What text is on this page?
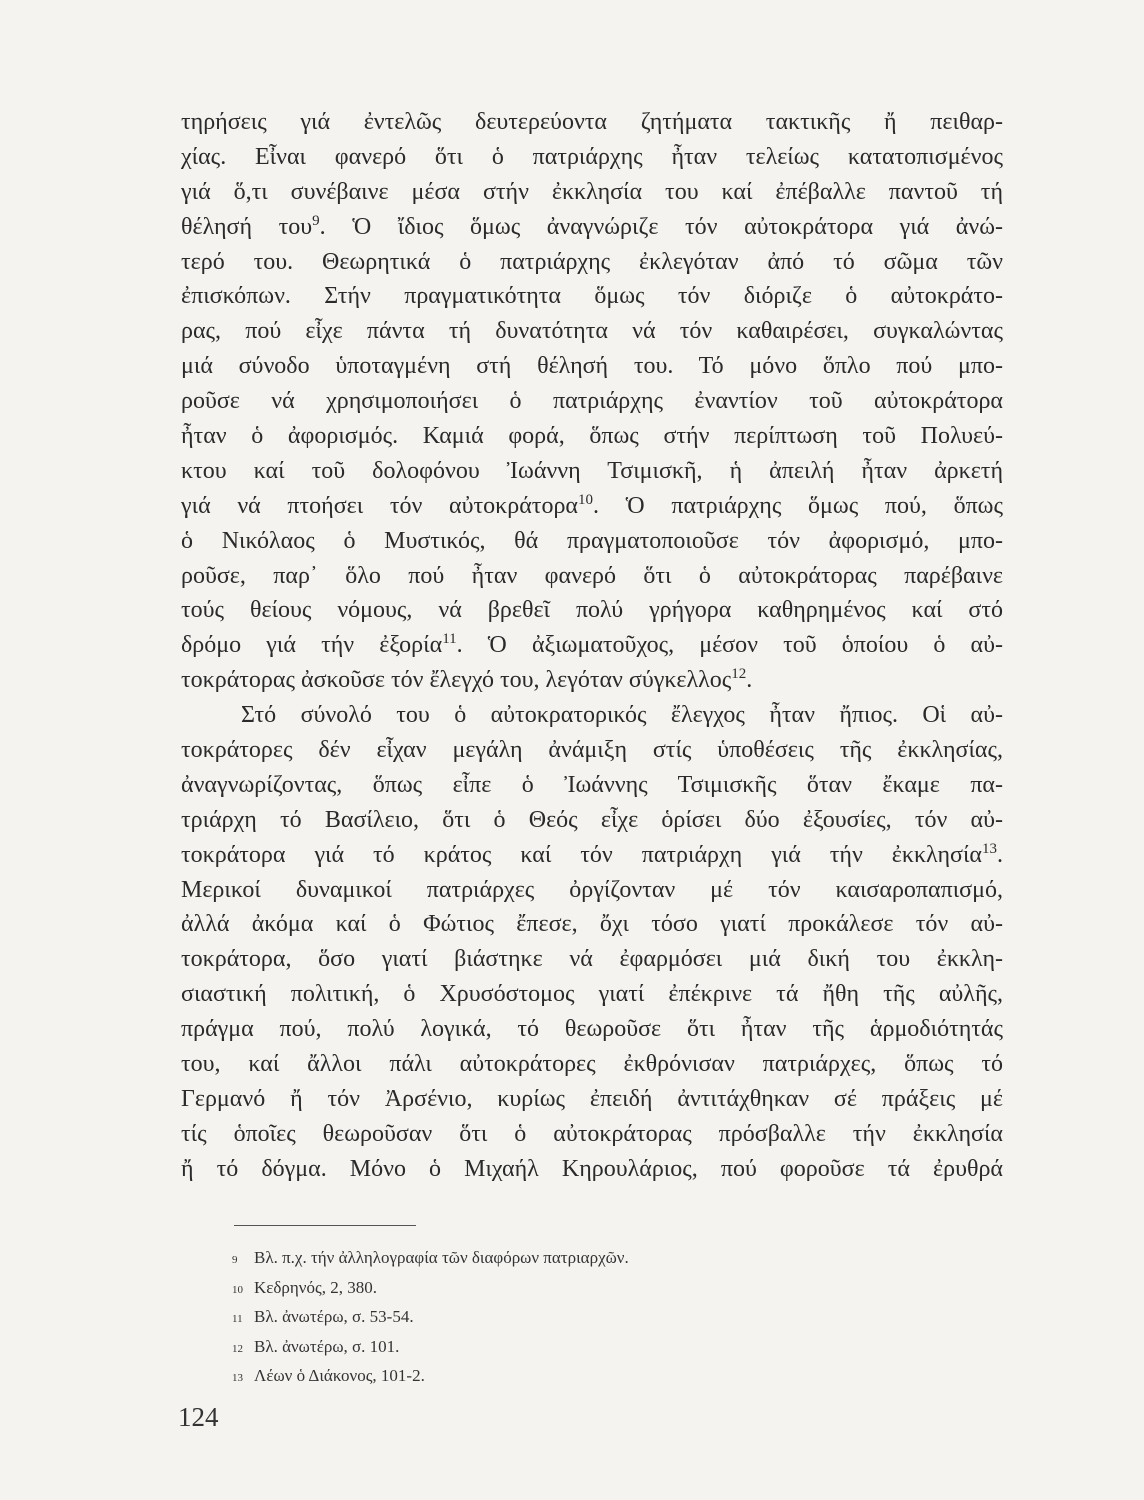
τηρήσεις γιά ἐντελῶς δευτερεύοντα ζητήματα τακτικῆς ἤ πειθαρ-
χίας. Εἶναι φανερό ὅτι ὁ πατριάρχης ἦταν τελείως κατατοπισμένος
γιά ὅ,τι συνέβαινε μέσα στήν ἐκκλησία του καί ἐπέβαλλε παντοῦ τή
θέλησή του$^9$. Ὁ ἴδιος ὅμως ἀναγνώριζε τόν αὐτοκράτορα γιά ἀνώ-
τερό του. Θεωρητικά ὁ πατριάρχης ἐκλεγόταν ἀπό τό σῶμα τῶν
ἐπισκόπων. Στήν πραγματικότητα ὅμως τόν διόριζε ὁ αὐτοκράτο-
ρας, πού εἶχε πάντα τή δυνατότητα νά τόν καθαιρέσει, συγκαλώντας
μιά σύνοδο ὑποταγμένη στή θέλησή του. Τό μόνο ὅπλο πού μπο-
ροῦσε νά χρησιμοποιήσει ὁ πατριάρχης ἐναντίον τοῦ αὐτοκράτορα
ἦταν ὁ ἀφορισμός. Καμιά φορά, ὅπως στήν περίπτωση τοῦ Πολυεύ-
κτου καί τοῦ δολοφόνου Ἰωάννη Τσιμισκῆ, ἡ ἀπειλή ἦταν ἀρκετή
γιά νά πτοήσει τόν αὐτοκράτορα$^{10}$. Ὁ πατριάρχης ὅμως πού, ὅπως
ὁ Νικόλαος ὁ Μυστικός, θά πραγματοποιοῦσε τόν ἀφορισμό, μπο-
ροῦσε, παρ᾿ ὅλο πού ἦταν φανερό ὅτι ὁ αὐτοκράτορας παρέβαινε
τούς θείους νόμους, νά βρεθεῖ πολύ γρήγορα καθηρημένος καί στό
δρόμο γιά τήν ἐξορία$^{11}$. Ὁ ἀξιωματοῦχος, μέσον τοῦ ὁποίου ὁ αὐ-
τοκράτορας ἀσκοῦσε τόν ἔλεγχό του, λεγόταν σύγκελλος$^{12}$.
Στό σύνολό του ὁ αὐτοκρατορικός ἔλεγχος ἦταν ἤπιος. Οἱ αὐ-
τοκράτορες δέν εἶχαν μεγάλη ἀνάμιξη στίς ὑποθέσεις τῆς ἐκκλησίας,
ἀναγνωρίζοντας, ὅπως εἶπε ὁ Ἰωάννης Τσιμισκῆς ὅταν ἔκαμε πα-
τριάρχη τό Βασίλειο, ὅτι ὁ Θεός εἶχε ὁρίσει δύο ἐξουσίες, τόν αὐ-
τοκράτορα γιά τό κράτος καί τόν πατριάρχη γιά τήν ἐκκλησία$^{13}$.
Μερικοί δυναμικοί πατριάρχες ὀργίζονταν μέ τόν καισαροπαπισμό,
ἀλλά ἀκόμα καί ὁ Φώτιος ἔπεσε, ὄχι τόσο γιατί προκάλεσε τόν αὐ-
τοκράτορα, ὅσο γιατί βιάστηκε νά ἐφαρμόσει μιά δική του ἐκκλη-
σιαστική πολιτική, ὁ Χρυσόστομος γιατί ἐπέκρινε τά ἤθη τῆς αὐλῆς,
πράγμα πού, πολύ λογικά, τό θεωροῦσε ὅτι ἦταν τῆς ἁρμοδιότητάς
του, καί ἄλλοι πάλι αὐτοκράτορες ἐκθρόνισαν πατριάρχες, ὅπως τό
Γερμανό ἤ τόν Ἀρσένιο, κυρίως ἐπειδή ἀντιτάχθηκαν σέ πράξεις μέ
τίς ὁποῖες θεωροῦσαν ὅτι ὁ αὐτοκράτορας πρόσβαλλε τήν ἐκκλησία
ἤ τό δόγμα. Μόνο ὁ Μιχαήλ Κηρουλάριος, πού φοροῦσε τά ἐρυθρά
9 Βλ. π.χ. τήν ἀλληλογραφία τῶν διαφόρων πατριαρχῶν.
10 Κεδρηνός, 2, 380.
11 Βλ. ἀνωτέρω, σ. 53-54.
12 Βλ. ἀνωτέρω, σ. 101.
13 Λέων ὁ Διάκονος, 101-2.
124
